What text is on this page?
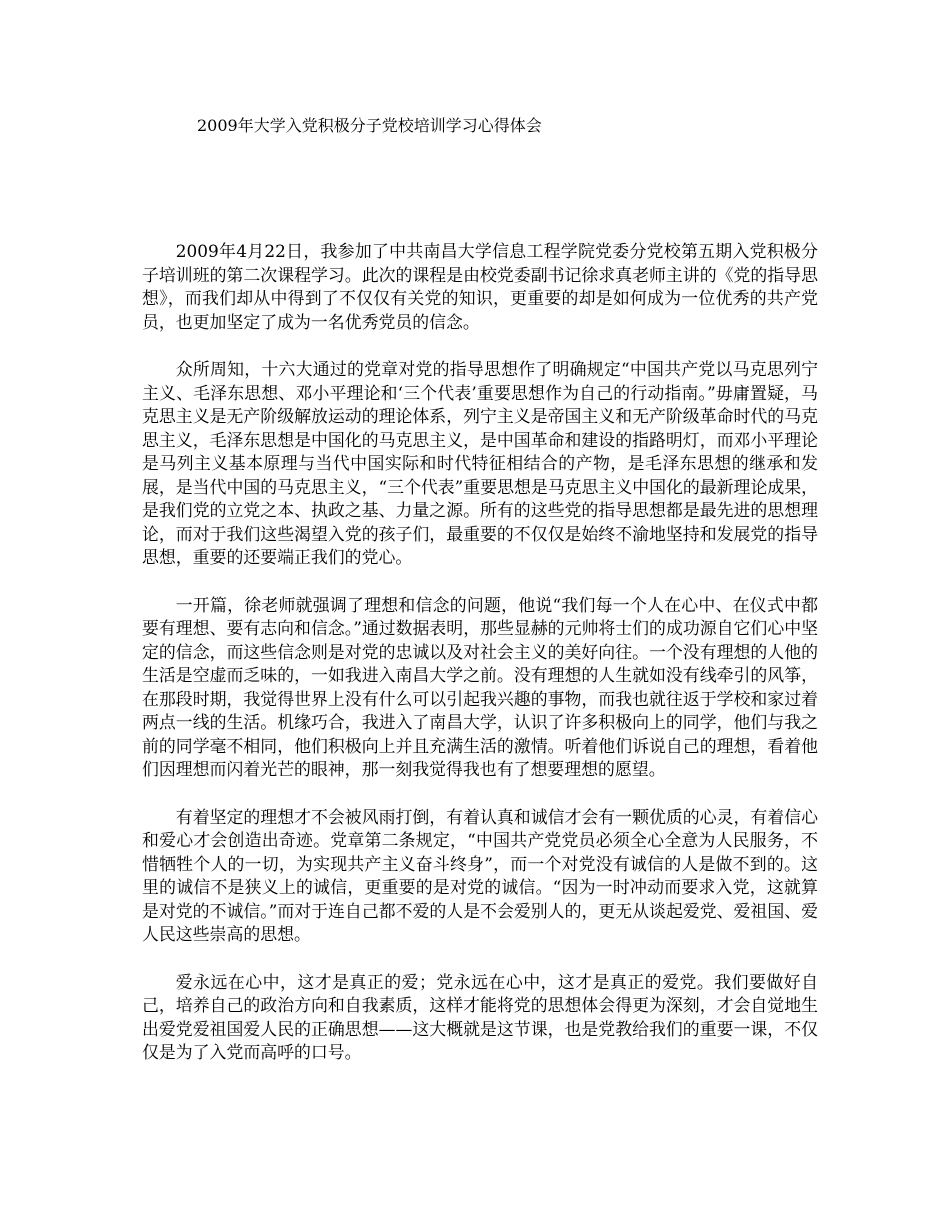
2009年大学入党积极分子党校培训学习心得体会

2009年4月22日，我参加了中共南昌大学信息工程学院党委分党校第五期入党积极分子培训班的第二次课程学习。此次的课程是由校党委副书记徐求真老师主讲的《党的指导思想》，而我们却从中得到了不仅仅有关党的知识，更重要的却是如何成为一位优秀的共产党员，也更加坚定了成为一名优秀党员的信念。

众所周知，十六大通过的党章对党的指导思想作了明确规定“中国共产党以马克思列宁主义、毛泽东思想、邓小平理论和‘三个代表’重要思想作为自己的行动指南。”毋庸置疑，马克思主义是无产阶级解放运动的理论体系，列宁主义是帝国主义和无产阶级革命时代的马克思主义，毛泽东思想是中国化的马克思主义，是中国革命和建设的指路明灯，而邓小平理论是马列主义基本原理与当代中国实际和时代特征相结合的产物，是毛泽东思想的继承和发展，是当代中国的马克思主义，“三个代表”重要思想是马克思主义中国化的最新理论成果，是我们党的立党之本、执政之基、力量之源。所有的这些党的指导思想都是最先进的思想理论，而对于我们这些渴望入党的孩子们，最重要的不仅仅是始终不渝地坚持和发展党的指导思想，重要的还要端正我们的党心。

一开篇，徐老师就强调了理想和信念的问题，他说“我们每一个人在心中、在仪式中都要有理想、要有志向和信念。”通过数据表明，那些显赫的元帅将士们的成功源自它们心中坚定的信念，而这些信念则是对党的忠诚以及对社会主义的美好向往。一个没有理想的人他的生活是空虚而乏味的，一如我进入南昌大学之前。没有理想的人生就如没有线牵引的风筝，在那段时期，我觉得世界上没有什么可以引起我兴趣的事物，而我也就往返于学校和家过着两点一线的生活。机缘巧合，我进入了南昌大学，认识了许多积极向上的同学，他们与我之前的同学毫不相同，他们积极向上并且充满生活的激情。听着他们诉说自己的理想，看着他们因理想而闪着光芒的眼神，那一刻我觉得我也有了想要理想的愿望。

有着坚定的理想才不会被风雨打倒，有着认真和诚信才会有一颗优质的心灵，有着信心和爱心才会创造出奇迹。党章第二条规定，“中国共产党党员必须全心全意为人民服务，不惜牺牲个人的一切，为实现共产主义奋斗终身”，而一个对党没有诚信的人是做不到的。这里的诚信不是狭义上的诚信，更重要的是对党的诚信。“因为一时冲动而要求入党，这就算是对党的不诚信。”而对于连自己都不爱的人是不会爱别人的，更无从谈起爱党、爱祖国、爱人民这些崇高的思想。

爱永远在心中，这才是真正的爱；党永远在心中，这才是真正的爱党。我们要做好自己，培养自己的政治方向和自我素质，这样才能将党的思想体会得更为深刻，才会自觉地生出爱党爱祖国爱人民的正确思想——这大概就是这节课，也是党教给我们的重要一课，不仅仅是为了入党而高呼的口号。
